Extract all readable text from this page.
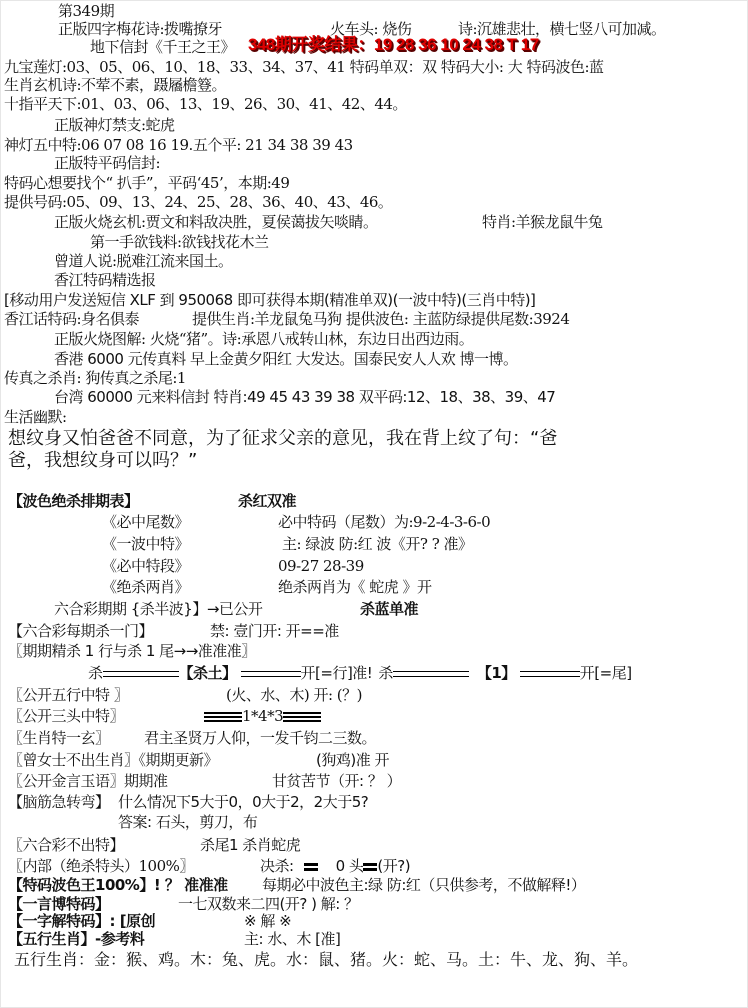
第349期
正版四字梅花诗:拨嘴撩牙	火车头: 烧伤	诗:沉雄悲壮，横七竖八可加减。
地下信封《千王之王》 348期开奖结果：19 28 36 10 24 38 T 17
九宝莲灯:03、05、06、10、18、33、34、37、41 特码单双：双 特码大小: 大 特码波色:蓝
生肖玄机诗:不荤不素，蹑屩檐簦。
十指平天下:01、03、06、13、19、26、30、41、42、44。
正版神灯禁支:蛇虎
神灯五中特:06 07 08 16 19.五个平: 21 34 38 39 43
正版特平码信封:
特码心想要找个“ 扒手”，平码‘45’，本期:49
提供号码:05、09、13、24、25、28、36、40、43、46。
正版火烧玄机:贾文和料敌决胜，夏侯蔼拔矢啖睛。	特肖:羊猴龙鼠牛兔
第一手欲钱料:欲钱找花木兰
曾道人说:脱难江流来国土。
香江特码精选报
[移动用户发送短信 XLF 到 950068 即可获得本期(精准单双)(一波中特)(三肖中特)]
香江话特码:身名俱泰	提供生肖:羊龙鼠兔马狗 提供波色: 主蓝防绿提供尾数:3924
正版火烧图解: 火烧“猪”。诗:承恩八戒转山林，东边日出西边雨。
香港 6000 元传真料 早上金黄夕阳红 大发达。国泰民安人人欢 博一博。
传真之杀肖: 狗传真之杀尾:1
台湾 60000 元来料信封 特肖:49 45 43 39 38 双平码:12、18、38、39、47
生活幽默:
想纹身又怕爸爸不同意，为了征求父亲的意见，我在背上纹了句：“爸
爸，我想纹身可以吗？”
【波色绝杀排期表】	杀红双准
《必中尾数》	必中特码（尾数）为:9-2-4-3-6-0
《一波中特》	主: 绿波 防:红 波《开? ? 准》
《必中特段》	09-27 28-39
《绝杀两肖》	绝杀两肖为《 蛇虎 》开
六合彩期期 {杀半波}】→已公开	杀蓝单准
【六合彩每期杀一门】	禁: 壹门开: 开==准
〖期期精杀 1 行与杀 1 尾→→准准准〗
杀	【杀土】	开[=行]准! 杀	【1】	开[=尾]
〖公开五行中特 〗	(火、水、木) 开: (？)
〖公开三头中特〗	1*4*3
〖生肖特一玄〗 君主圣贤万人仰，一发千钧二三数。
〖曾女士不出生肖〗《期期更新》	(狗鸡)准 开
〖公开金言玉语〗期期准	甘贫苦节（开: ？ ）
【脑筋急转弯】 什么情况下5大于0，0大于2，2大于5?
答案: 石头，剪刀，布
〖六合彩不出特】	杀尾1 杀肖蛇虎
〖内部（绝杀特头）100%〗	决杀:	0 头 (开?)
【特码波色王100%】! ？ 准准准 每期必中波色主:绿 防:红（只供参考，不做解释!）
【一言博特码】	一七双数来二四(开? ) 解: ？
【一字解特码】: [原创	※ 解 ※
【五行生肖】-参考料	主: 水、木 [准]
五行生肖：金：猴、鸡。木：兔、虎。水：鼠、猪。火：蛇、马。土：牛、龙、狗、羊。
